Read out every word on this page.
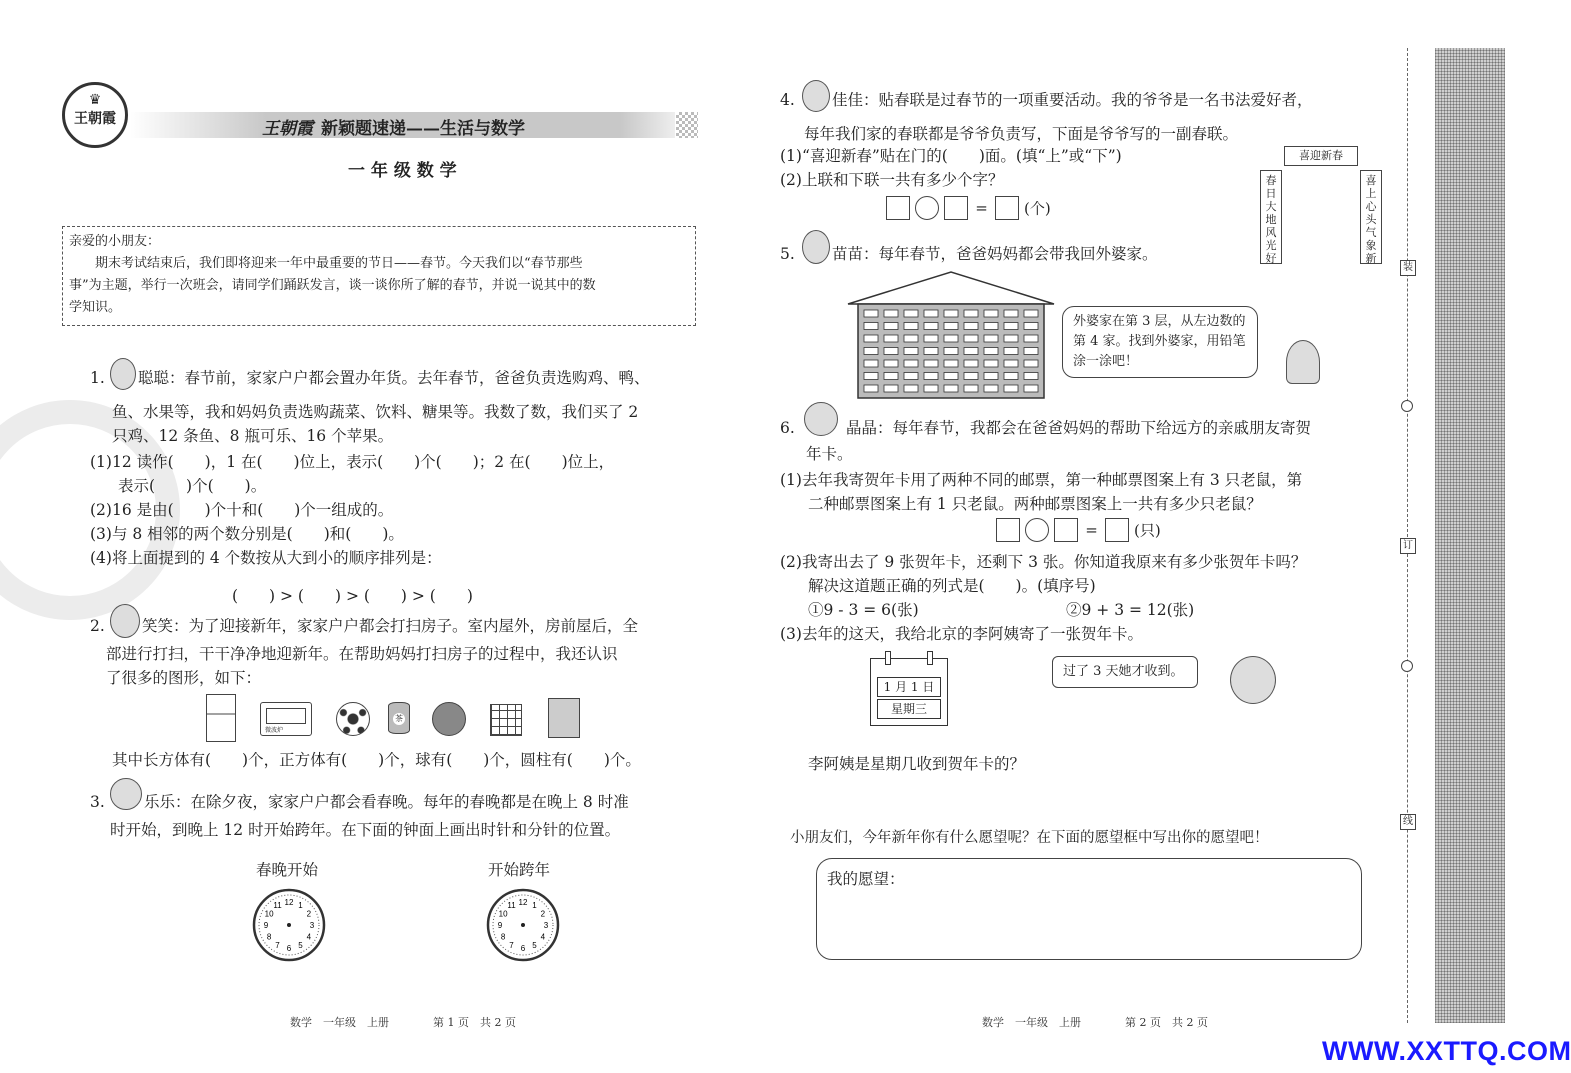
♛
王朝霞	王朝霞 新颖题速递——生活与数学
一 年 级 数 学
亲爱的小朋友：
期末考试结束后，我们即将迎来一年中最重要的节日——春节。今天我们以“春节那些
事”为主题，举行一次班会，请同学们踊跃发言，谈一谈你所了解的春节，并说一说其中的数
学知识。
1. 聪聪：春节前，家家户户都会置办年货。去年春节，爸爸负责选购鸡、鸭、
鱼、水果等，我和妈妈负责选购蔬菜、饮料、糖果等。我数了数，我们买了 2
只鸡、12 条鱼、8 瓶可乐、16 个苹果。
(1)12 读作(　　)，1 在(　　)位上，表示(　　)个(　　)；2 在(　　)位上，
表示(　　)个(　　)。
(2)16 是由(　　)个十和(　　)个一组成的。
(3)与 8 相邻的两个数分别是(　　)和(　　)。
(4)将上面提到的 4 个数按从大到小的顺序排列是：
(　　) > (　　) > (　　) > (　　)
2. 笑笑：为了迎接新年，家家户户都会打扫房子。室内屋外，房前屋后，全
部进行打扫，干干净净地迎新年。在帮助妈妈打扫房子的过程中，我还认识
了很多的图形，如下：
微波炉
茶
其中长方体有(　　)个，正方体有(　　)个，球有(　　)个，圆柱有(　　)个。
3.	乐乐：在除夕夜，家家户户都会看春晚。每年的春晚都是在晚上 8 时准
时开始，到晚上 12 时开始跨年。在下面的钟面上画出时针和分针的位置。
春晚开始	开始跨年
12 1
2
3
4
5
6
7
8
9
10
11	12 1
2
3
4
5
6
7
8
9
10
11
数学　一年级　上册　　　　第 1 页　共 2 页
4. 佳佳：贴春联是过春节的一项重要活动。我的爷爷是一名书法爱好者，
每年我们家的春联都是爷爷负责写，下面是爷爷写的一副春联。
(1)“喜迎新春”贴在门的(　　)面。(填“上”或“下”)
(2)上联和下联一共有多少个字？
= (个)
喜迎新春
春日大地风光好
喜上心头气象新
5. 苗苗：每年春节，爸爸妈妈都会带我回外婆家。
外婆家在第 3 层，从左边数的第 4 家。找到外婆家，用铅笔涂一涂吧！
6.	晶晶：每年春节，我都会在爸爸妈妈的帮助下给远方的亲戚朋友寄贺
年卡。
(1)去年我寄贺年卡用了两种不同的邮票，第一种邮票图案上有 3 只老鼠，第
二种邮票图案上有 1 只老鼠。两种邮票图案上一共有多少只老鼠？
= (只)
(2)我寄出去了 9 张贺年卡，还剩下 3 张。你知道我原来有多少张贺年卡吗？
解决这道题正确的列式是(　　)。(填序号)
①9 - 3 = 6(张)	②9 + 3 = 12(张)
(3)去年的这天，我给北京的李阿姨寄了一张贺年卡。
1 月 1 日
星期三
过了 3 天她才收到。
李阿姨是星期几收到贺年卡的？
小朋友们，今年新年你有什么愿望呢？在下面的愿望框中写出你的愿望吧！
我的愿望：
数学　一年级　上册　　　　第 2 页　共 2 页
装
订
线
WWW.XXTTQ.COM
